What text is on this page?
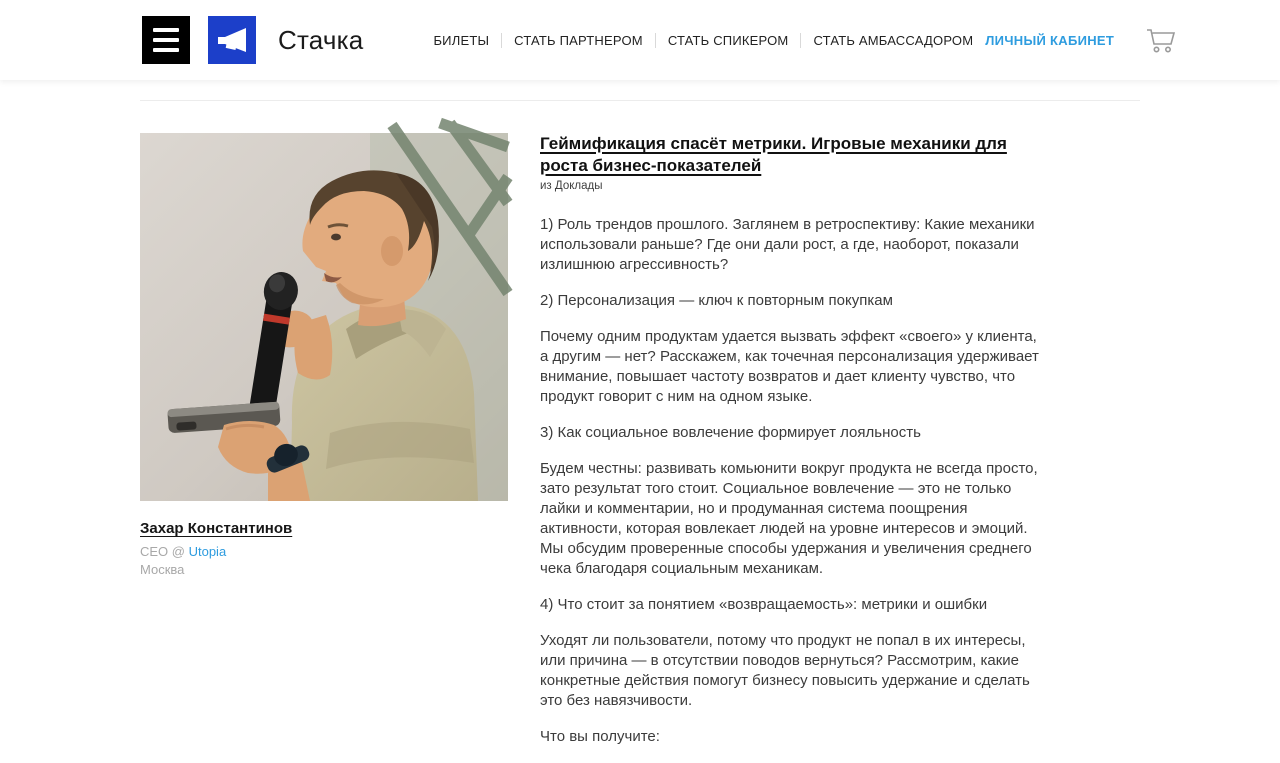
Стачка	БИЛЕТЫ	СТАТЬ ПАРТНЕРОМ	СТАТЬ СПИКЕРОМ	СТАТЬ АМБАССАДОРОМ ЛИЧНЫЙ КАБИНЕТ
Захар Константинов
CEO @ Utopia
Москва
Геймификация спасёт метрики. Игровые механики для роста бизнес-показателей
из Доклады

1) Роль трендов прошлого. Заглянем в ретроспективу: Какие механики использовали раньше? Где они дали рост, а где, наоборот, показали излишнюю агрессивность?

2) Персонализация — ключ к повторным покупкам

Почему одним продуктам удается вызвать эффект «своего» у клиента, а другим — нет? Расскажем, как точечная персонализация удерживает внимание, повышает частоту возвратов и дает клиенту чувство, что продукт говорит с ним на одном языке.

3) Как социальное вовлечение формирует лояльность

Будем честны: развивать комьюнити вокруг продукта не всегда просто, зато результат того стоит. Социальное вовлечение — это не только лайки и комментарии, но и продуманная система поощрения активности, которая вовлекает людей на уровне интересов и эмоций. Мы обсудим проверенные способы удержания и увеличения среднего чека благодаря социальным механикам.

4) Что стоит за понятием «возвращаемость»: метрики и ошибки

Уходят ли пользователи, потому что продукт не попал в их интересы, или причина — в отсутствии поводов вернуться? Рассмотрим, какие конкретные действия помогут бизнесу повысить удержание и сделать это без навязчивости.

Что вы получите:
